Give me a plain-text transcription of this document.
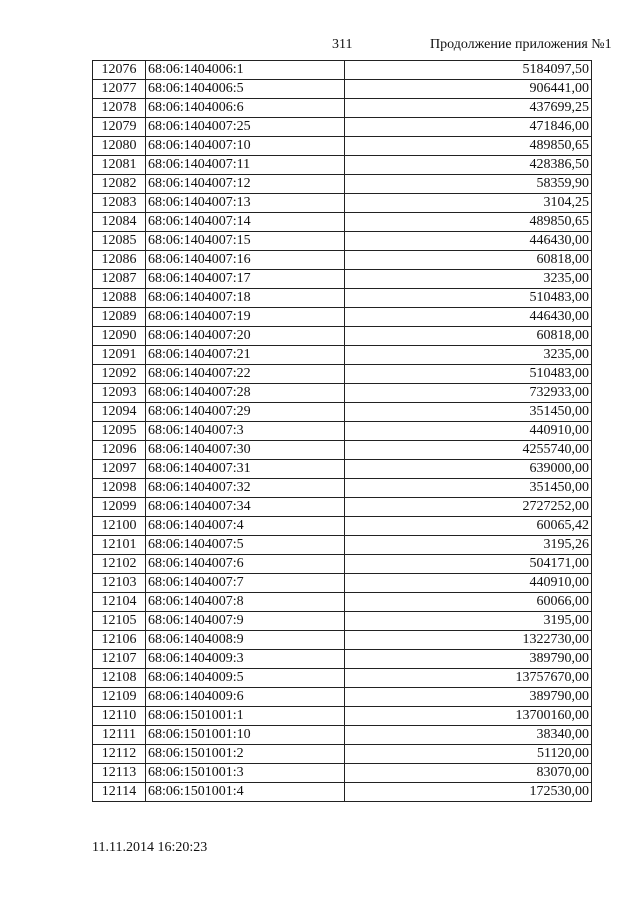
311	Продолжение приложения №1
12076	68:06:1404006:1	5184097,50
12077	68:06:1404006:5	906441,00
12078	68:06:1404006:6	437699,25
12079	68:06:1404007:25	471846,00
12080	68:06:1404007:10	489850,65
12081	68:06:1404007:11	428386,50
12082	68:06:1404007:12	58359,90
12083	68:06:1404007:13	3104,25
12084	68:06:1404007:14	489850,65
12085	68:06:1404007:15	446430,00
12086	68:06:1404007:16	60818,00
12087	68:06:1404007:17	3235,00
12088	68:06:1404007:18	510483,00
12089	68:06:1404007:19	446430,00
12090	68:06:1404007:20	60818,00
12091	68:06:1404007:21	3235,00
12092	68:06:1404007:22	510483,00
12093	68:06:1404007:28	732933,00
12094	68:06:1404007:29	351450,00
12095	68:06:1404007:3	440910,00
12096	68:06:1404007:30	4255740,00
12097	68:06:1404007:31	639000,00
12098	68:06:1404007:32	351450,00
12099	68:06:1404007:34	2727252,00
12100	68:06:1404007:4	60065,42
12101	68:06:1404007:5	3195,26
12102	68:06:1404007:6	504171,00
12103	68:06:1404007:7	440910,00
12104	68:06:1404007:8	60066,00
12105	68:06:1404007:9	3195,00
12106	68:06:1404008:9	1322730,00
12107	68:06:1404009:3	389790,00
12108	68:06:1404009:5	13757670,00
12109	68:06:1404009:6	389790,00
12110	68:06:1501001:1	13700160,00
12111	68:06:1501001:10	38340,00
12112	68:06:1501001:2	51120,00
12113	68:06:1501001:3	83070,00
12114	68:06:1501001:4	172530,00
11.11.2014 16:20:23
